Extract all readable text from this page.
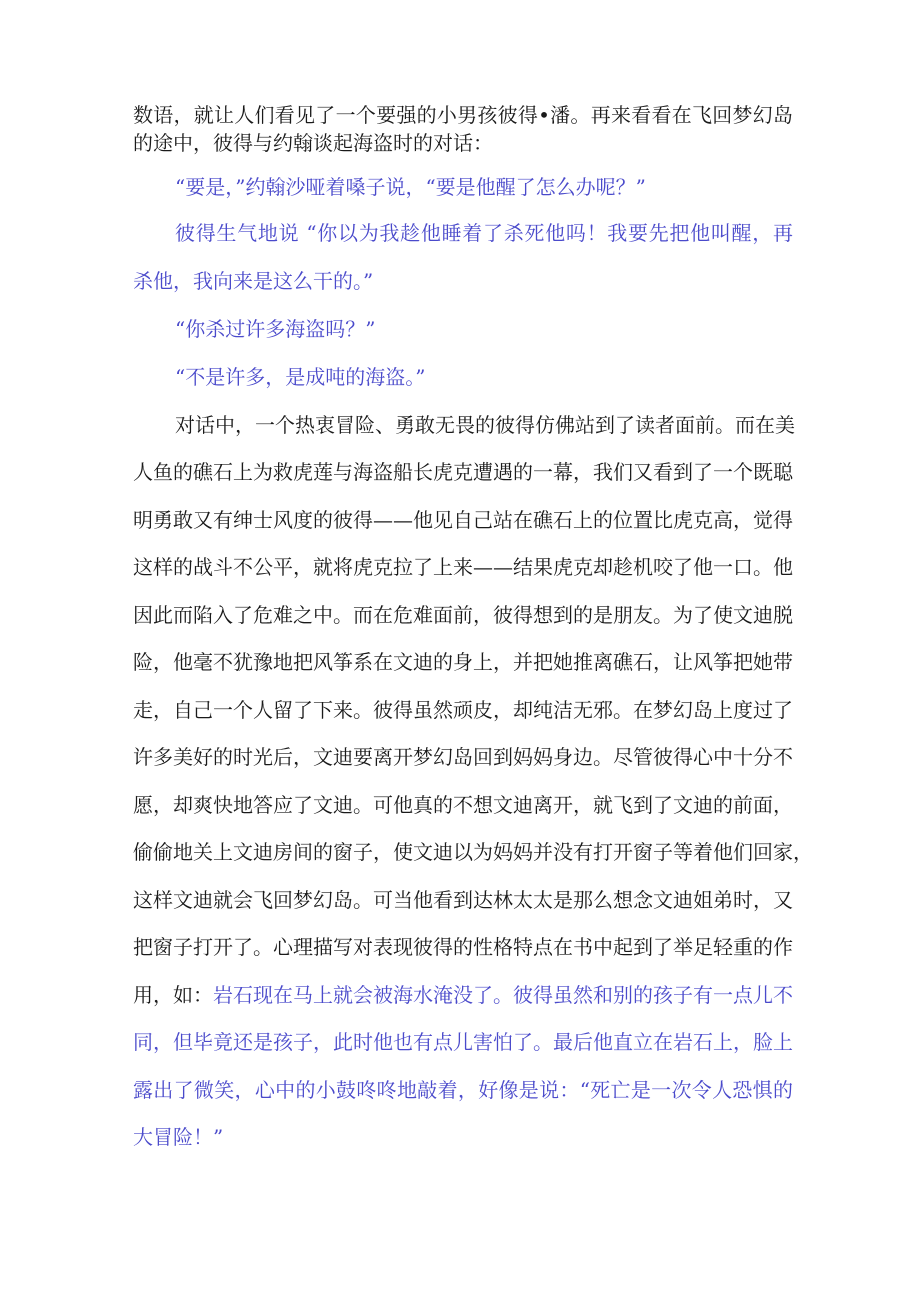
数语，就让人们看见了一个要强的小男孩彼得•潘。再来看看在飞回梦幻岛
的途中，彼得与约翰谈起海盗时的对话：
“要是，”约翰沙哑着嗓子说，“要是他醒了怎么办呢？”
彼得生气地说 “你以为我趁他睡着了杀死他吗！我要先把他叫醒，再
杀他，我向来是这么干的。”
“你杀过许多海盗吗？”
“不是许多，是成吨的海盗。”
对话中，一个热衷冒险、勇敢无畏的彼得仿佛站到了读者面前。而在美
人鱼的礁石上为救虎莲与海盗船长虎克遭遇的一幕，我们又看到了一个既聪
明勇敢又有绅士风度的彼得——他见自己站在礁石上的位置比虎克高，觉得
这样的战斗不公平，就将虎克拉了上来——结果虎克却趁机咬了他一口。他
因此而陷入了危难之中。而在危难面前，彼得想到的是朋友。为了使文迪脱
险，他毫不犹豫地把风筝系在文迪的身上，并把她推离礁石，让风筝把她带
走，自己一个人留了下来。彼得虽然顽皮，却纯洁无邪。在梦幻岛上度过了
许多美好的时光后，文迪要离开梦幻岛回到妈妈身边。尽管彼得心中十分不
愿，却爽快地答应了文迪。可他真的不想文迪离开，就飞到了文迪的前面，
偷偷地关上文迪房间的窗子，使文迪以为妈妈并没有打开窗子等着他们回家，
这样文迪就会飞回梦幻岛。可当他看到达林太太是那么想念文迪姐弟时，又
把窗子打开了。心理描写对表现彼得的性格特点在书中起到了举足轻重的作
用，如：岩石现在马上就会被海水淹没了。彼得虽然和别的孩子有一点儿不
同，但毕竟还是孩子，此时他也有点儿害怕了。最后他直立在岩石上，脸上
露出了微笑，心中的小鼓咚咚地敲着，好像是说：“死亡是一次令人恐惧的
大冒险！”
